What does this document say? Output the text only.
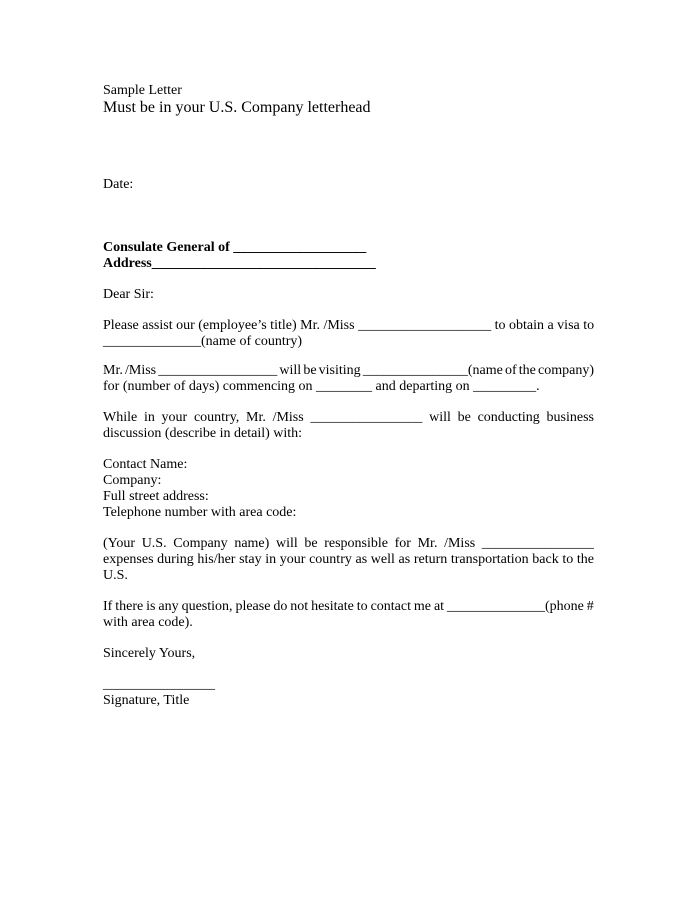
Sample Letter
Must be in your U.S. Company letterhead
Date:
Consulate General of ___________________
Address________________________________
Dear Sir:
Please assist our (employee’s title) Mr. /Miss ___________________ to obtain a visa to
______________(name of country)
Mr. /Miss _________________ will be visiting _______________(name of the company)
for (number of days) commencing on ________ and departing on _________.
While in your country, Mr. /Miss ________________ will be conducting business
discussion (describe in detail) with:
Contact Name:
Company:
Full street address:
Telephone number with area code:
(Your U.S. Company name) will be responsible for Mr. /Miss ________________
expenses during his/her stay in your country as well as return transportation back to the
U.S.
If there is any question, please do not hesitate to contact me at ______________(phone #
with area code).
Sincerely Yours,
________________
Signature, Title
